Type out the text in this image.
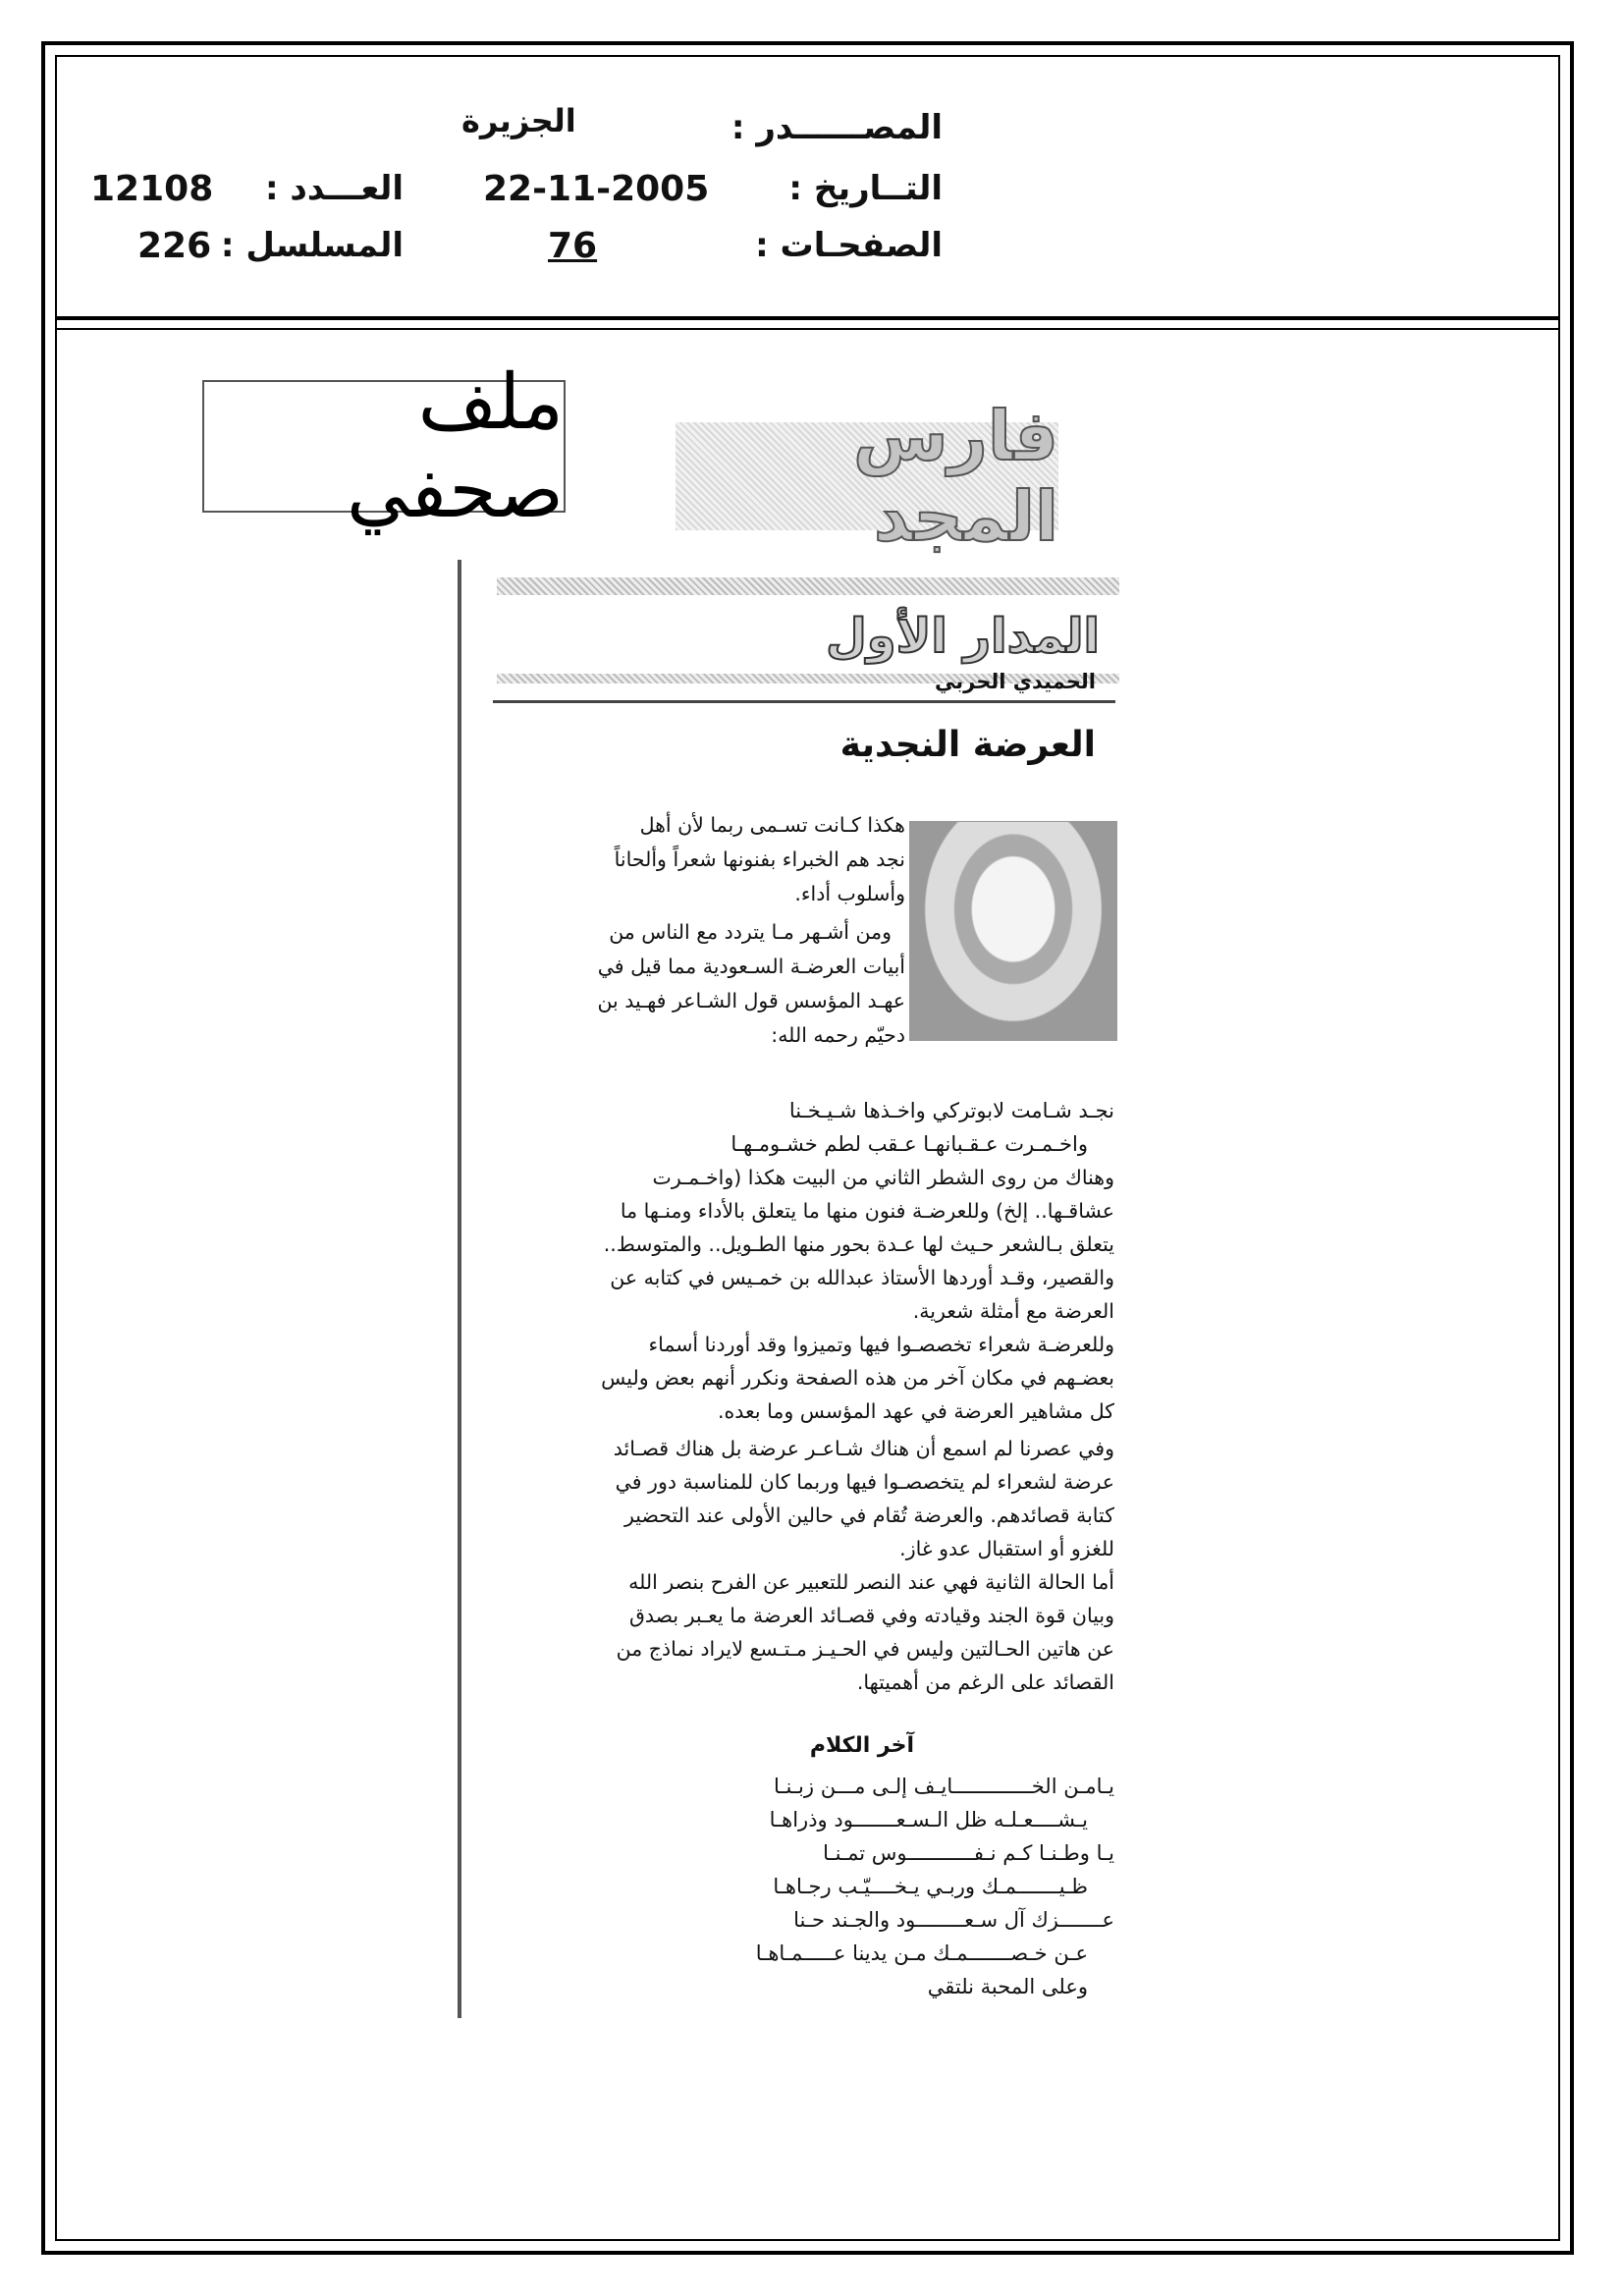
المصــــــدر :
الجزيرة
التــاريخ :
22-11-2005
العـــدد :
12108
الصفحـات :
76
المسلسل :
226
ملف صحفي
فارس المجد
المدار الأول
الحميدي الحربي
العرضة النجدية
هكذا كـانت تسـمى ربما لأن أهل
نجد هم الخبراء بفنونها شعراً وألحاناً
وأسلوب أداء.
ومن أشـهر مـا يتردد مع الناس من
أبيات العرضـة السـعودية مما قيل في
عهـد المؤسس قول الشـاعر فهـيد بن
دحيّم رحمه الله:
نجـد شـامت لابوتركي واخـذها شـيـخـنا
واخـمـرت عـقـبانهـا عـقب لطم خشـومـهـا
وهناك من روى الشطر الثاني من البيت هكذا (واخـمـرت
عشاقـها.. إلخ) وللعرضـة فنون منها ما يتعلق بالأداء ومنـها ما
يتعلق بـالشعر حـيث لها عـدة بحور منها الطـويل.. والمتوسط..
والقصير، وقـد أوردها الأستاذ عبدالله بن خمـيس في كتابه عن
العرضة مع أمثلة شعرية.
وللعرضـة شعراء تخصصـوا فيها وتميزوا وقد أوردنا أسماء
بعضـهم في مكان آخر من هذه الصفحة ونكرر أنهم بعض وليس
كل مشاهير العرضة في عهد المؤسس وما بعده.
وفي عصرنا لم اسمع أن هناك شـاعـر عرضة بل هناك قصـائد
عرضة لشعراء لم يتخصصـوا فيها وربما كان للمناسبة دور في
كتابة قصائدهم. والعرضة تُقام في حالين الأولى عند التحضير
للغزو أو استقبال عدو غاز.
أما الحالة الثانية فهي عند النصر للتعبير عن الفرح بنصر الله
وبيان قوة الجند وقيادته وفي قصـائد العرضة ما يعـبر بصدق
عن هاتين الحـالتين وليس في الحـيـز مـتـسع لايراد نماذج من
القصائد على الرغم من أهميتها.
آخر الكلام
يـامـن الخـــــــــــــايـف إلـى مـــن زبـنـا
يـشــــعـلـه ظل الـسـعـــــــود وذراهـا
يـا وطـنـا كـم نـفـــــــــــوس تمـنـا
ظـيـــــــمـك وربـي يـخــــيّـب رجـاهـا
عـــــــزك آل سـعــــــــود والجـند حـنا
عـن خـصـــــــمـك مـن يدينا عـــــمـاهـا
وعلى المحبة نلتقي
